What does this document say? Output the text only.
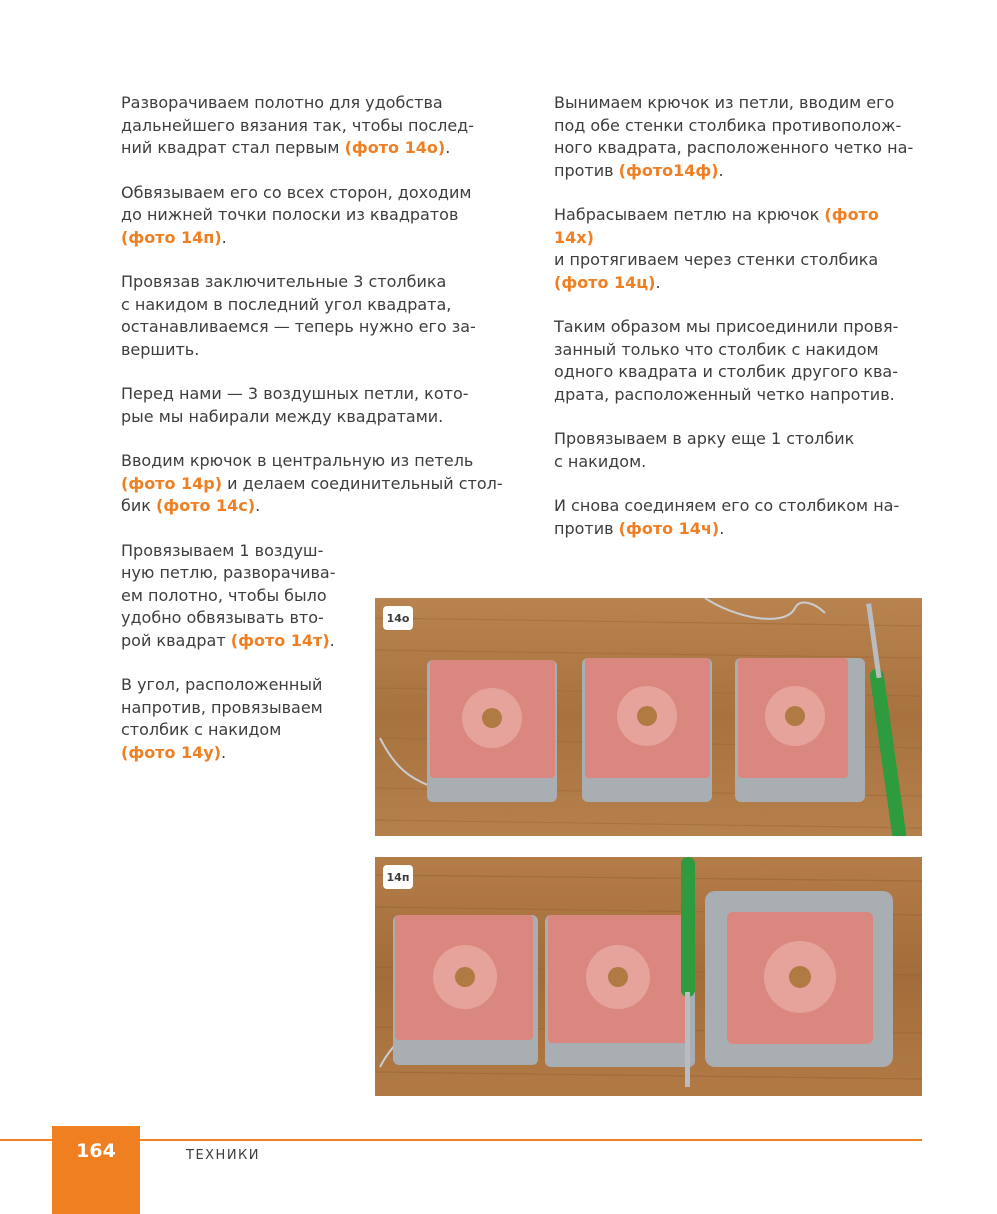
Разворачиваем полотно для удобства
дальнейшего вязания так, чтобы послед-
ний квадрат стал первым (фото 14о).

Обвязываем его со всех сторон, доходим
до нижней точки полоски из квадратов
(фото 14п).

Провязав заключительные 3 столбика
с накидом в последний угол квадрата,
останавливаемся — теперь нужно его за-
вершить.

Перед нами — 3 воздушных петли, кото-
рые мы набирали между квадратами.

Вводим крючок в центральную из петель
(фото 14р) и делаем соединительный стол-
бик (фото 14с).

Провязываем 1 воздуш-
ную петлю, разворачива-
ем полотно, чтобы было
удобно обвязывать вто-
рой квадрат (фото 14т).

В угол, расположенный
напротив, провязываем
столбик с накидом
(фото 14у).

Вынимаем крючок из петли, вводим его
под обе стенки столбика противополож-
ного квадрата, расположенного четко на-
против (фото14ф).

Набрасываем петлю на крючок (фото 14х)
и протягиваем через стенки столбика
(фото 14ц).

Таким образом мы присоединили провя-
занный только что столбик с накидом
одного квадрата и столбик другого ква-
драта, расположенный четко напротив.

Провязываем в арку еще 1 столбик
с накидом.

И снова соединяем его со столбиком на-
против (фото 14ч).

14о
14п
164	ТЕХНИКИ
